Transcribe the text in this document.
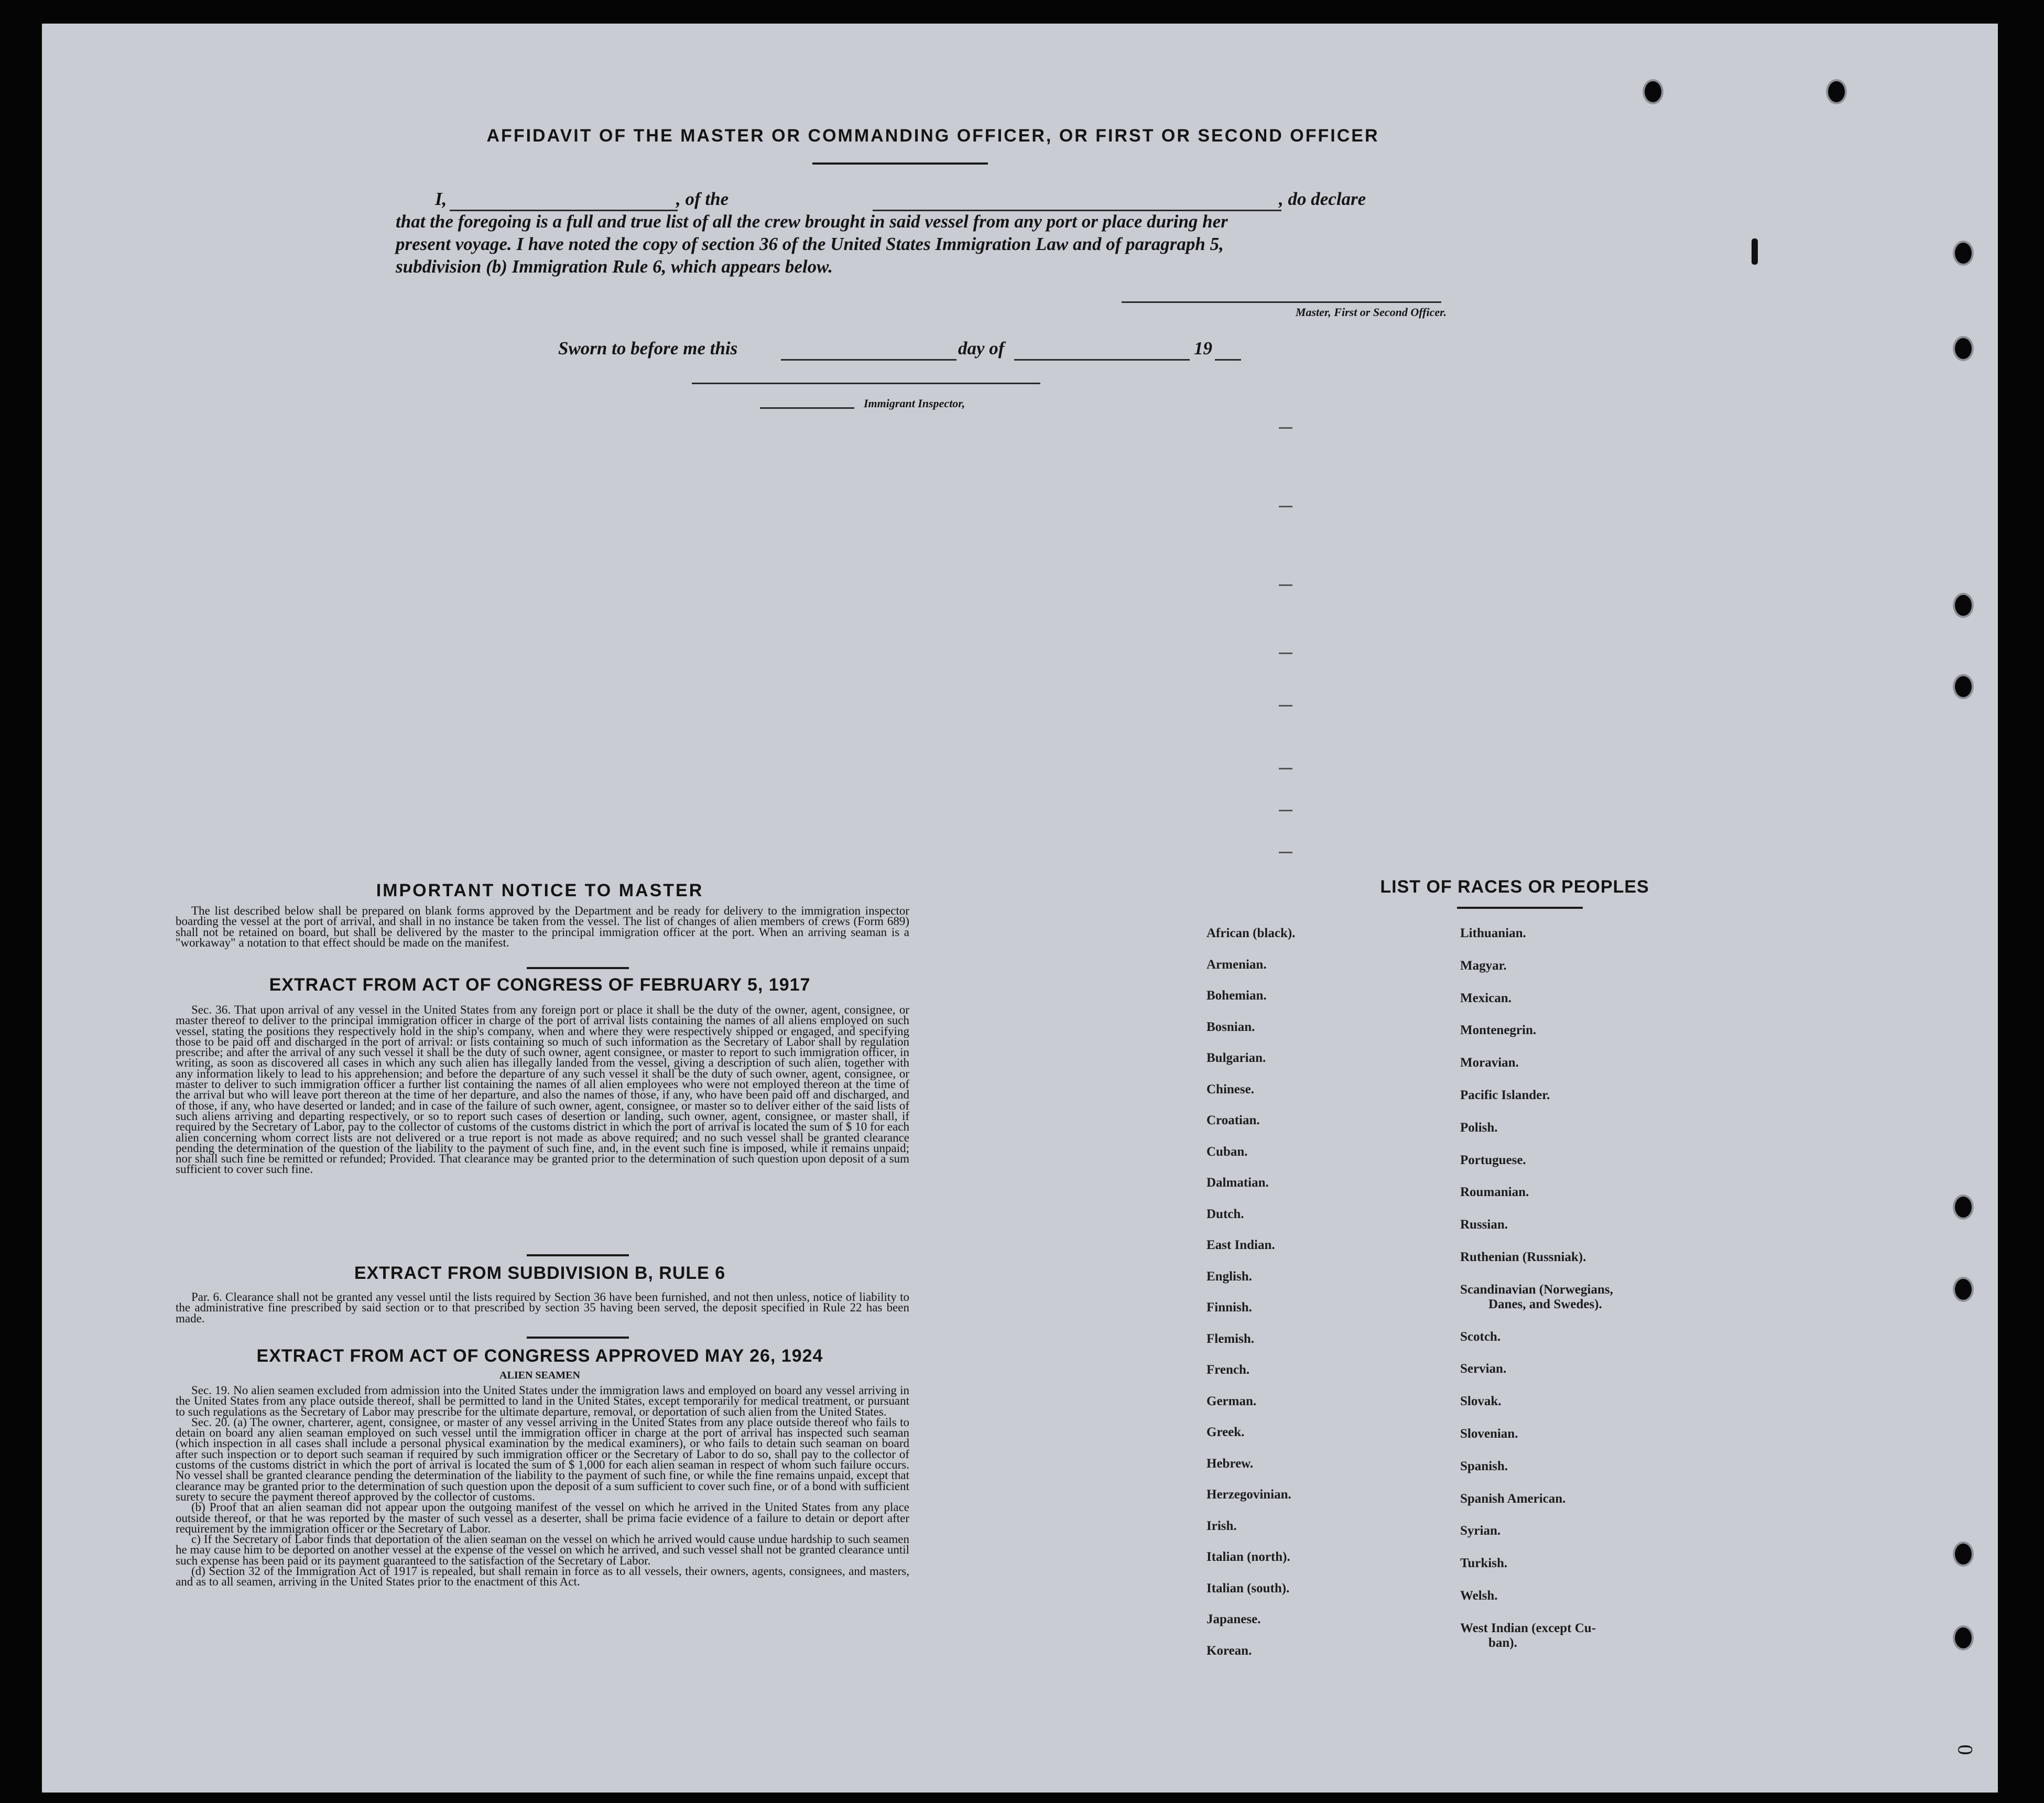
AFFIDAVIT OF THE MASTER OR COMMANDING OFFICER, OR FIRST OR SECOND OFFICER
I,	, of the	, do declare
that the foregoing is a full and true list of all the crew brought in said vessel from any port or place during her
present voyage. I have noted the copy of section 36 of the United States Immigration Law and of paragraph 5,
subdivision (b) Immigration Rule 6, which appears below.
Master, First or Second Officer.
Sworn to before me this	day of	19
Immigrant Inspector,
IMPORTANT NOTICE TO MASTER

The list described below shall be prepared on blank forms approved by the Department and be ready for delivery to the immigration inspector boarding the vessel at the port of arrival, and shall in no instance be taken from the vessel. The list of changes of alien members of crews (Form 689) shall not be retained on board, but shall be delivered by the master to the principal immigration officer at the port. When an arriving seaman is a "workaway" a notation to that effect should be made on the manifest.

EXTRACT FROM ACT OF CONGRESS OF FEBRUARY 5, 1917

Sec. 36. That upon arrival of any vessel in the United States from any foreign port or place it shall be the duty of the owner, agent, consignee, or master thereof to deliver to the principal immigration officer in charge of the port of arrival lists containing the names of all aliens employed on such vessel, stating the positions they respectively hold in the ship's company, when and where they were respectively shipped or engaged, and specifying those to be paid off and discharged in the port of arrival: or lists containing so much of such information as the Secretary of Labor shall by regulation prescribe; and after the arrival of any such vessel it shall be the duty of such owner, agent consignee, or master to report to such immigration officer, in writing, as soon as discovered all cases in which any such alien has illegally landed from the vessel, giving a description of such alien, together with any information likely to lead to his apprehension; and before the departure of any such vessel it shall be the duty of such owner, agent, consignee, or master to deliver to such immigration officer a further list containing the names of all alien employees who were not employed thereon at the time of the arrival but who will leave port thereon at the time of her departure, and also the names of those, if any, who have been paid off and discharged, and of those, if any, who have deserted or landed; and in case of the failure of such owner, agent, consignee, or master so to deliver either of the said lists of such aliens arriving and departing respectively, or so to report such cases of desertion or landing, such owner, agent, consignee, or master shall, if required by the Secretary of Labor, pay to the collector of customs of the customs district in which the port of arrival is located the sum of $ 10 for each alien concerning whom correct lists are not delivered or a true report is not made as above required; and no such vessel shall be granted clearance pending the determination of the question of the liability to the payment of such fine, and, in the event such fine is imposed, while it remains unpaid; nor shall such fine be remitted or refunded; Provided. That clearance may be granted prior to the determination of such question upon deposit of a sum sufficient to cover such fine.

EXTRACT FROM SUBDIVISION B, RULE 6

Par. 6. Clearance shall not be granted any vessel until the lists required by Section 36 have been furnished, and not then unless, notice of liability to the administrative fine prescribed by said section or to that prescribed by section 35 having been served, the deposit specified in Rule 22 has been made.

EXTRACT FROM ACT OF CONGRESS APPROVED MAY 26, 1924
ALIEN SEAMEN

Sec. 19. No alien seamen excluded from admission into the United States under the immigration laws and employed on board any vessel arriving in the United States from any place outside thereof, shall be permitted to land in the United States, except temporarily for medical treatment, or pursuant to such regulations as the Secretary of Labor may prescribe for the ultimate departure, removal, or deportation of such alien from the United States.

Sec. 20. (a) The owner, charterer, agent, consignee, or master of any vessel arriving in the United States from any place outside thereof who fails to detain on board any alien seaman employed on such vessel until the immigration officer in charge at the port of arrival has inspected such seaman (which inspection in all cases shall include a personal physical examination by the medical examiners), or who fails to detain such seaman on board after such inspection or to deport such seaman if required by such immigration officer or the Secretary of Labor to do so, shall pay to the collector of customs of the customs district in which the port of arrival is located the sum of $ 1,000 for each alien seaman in respect of whom such failure occurs. No vessel shall be granted clearance pending the determination of the liability to the payment of such fine, or while the fine remains unpaid, except that clearance may be granted prior to the determination of such question upon the deposit of a sum sufficient to cover such fine, or of a bond with sufficient surety to secure the payment thereof approved by the collector of customs.

(b) Proof that an alien seaman did not appear upon the outgoing manifest of the vessel on which he arrived in the United States from any place outside thereof, or that he was reported by the master of such vessel as a deserter, shall be prima facie evidence of a failure to detain or deport after requirement by the immigration officer or the Secretary of Labor.

c) If the Secretary of Labor finds that deportation of the alien seaman on the vessel on which he arrived would cause undue hardship to such seamen he may cause him to be deported on another vessel at the expense of the vessel on which he arrived, and such vessel shall not be granted clearance until such expense has been paid or its payment guaranteed to the satisfaction of the Secretary of Labor.

(d) Section 32 of the Immigration Act of 1917 is repealed, but shall remain in force as to all vessels, their owners, agents, consignees, and masters, and as to all seamen, arriving in the United States prior to the enactment of this Act.

LIST OF RACES OR PEOPLES
African (black).
Armenian.
Bohemian.
Bosnian.
Bulgarian.
Chinese.
Croatian.
Cuban.
Dalmatian.
Dutch.
East Indian.
English.
Finnish.
Flemish.
French.
German.
Greek.
Hebrew.
Herzegovinian.
Irish.
Italian (north).
Italian (south).
Japanese.
Korean.
Lithuanian.
Magyar.
Mexican.
Montenegrin.
Moravian.
Pacific Islander.
Polish.
Portuguese.
Roumanian.
Russian.
Ruthenian (Russniak).
Scandinavian (Norwegians,
Danes, and Swedes).
Scotch.
Servian.
Slovak.
Slovenian.
Spanish.
Spanish American.
Syrian.
Turkish.
Welsh.
West Indian (except Cu-
ban).
0
